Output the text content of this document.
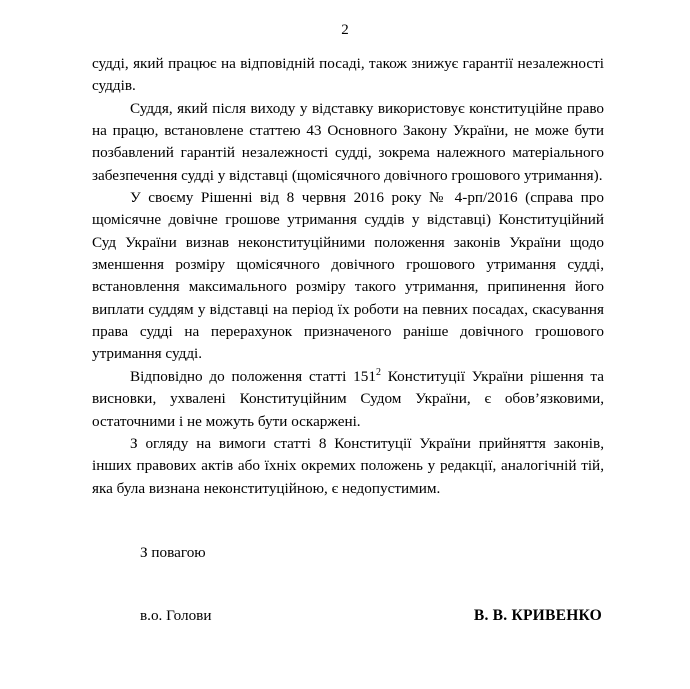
2

судді, який працює на відповідній посаді, також знижує гарантії незалежності суддів.

Суддя, який після виходу у відставку використовує конституційне право на працю, встановлене статтею 43 Основного Закону України, не може бути позбавлений гарантій незалежності судді, зокрема належного матеріального забезпечення судді у відставці (щомісячного довічного грошового утримання).

У своєму Рішенні від 8 червня 2016 року № 4-рп/2016 (справа про щомісячне довічне грошове утримання суддів у відставці) Конституційний Суд України визнав неконституційними положення законів України щодо зменшення розміру щомісячного довічного грошового утримання судді, встановлення максимального розміру такого утримання, припинення його виплати суддям у відставці на період їх роботи на певних посадах, скасування права судді на перерахунок призначеного раніше довічного грошового утримання судді.

Відповідно до положення статті $151^2$ Конституції України рішення та висновки, ухвалені Конституційним Судом України, є обов’язковими, остаточними і не можуть бути оскаржені.

З огляду на вимоги статті 8 Конституції України прийняття законів, інших правових актів або їхніх окремих положень у редакції, аналогічній тій, яка була визнана неконституційною, є недопустимим.

З повагою
в.о. Голови	В. В. КРИВЕНКО
